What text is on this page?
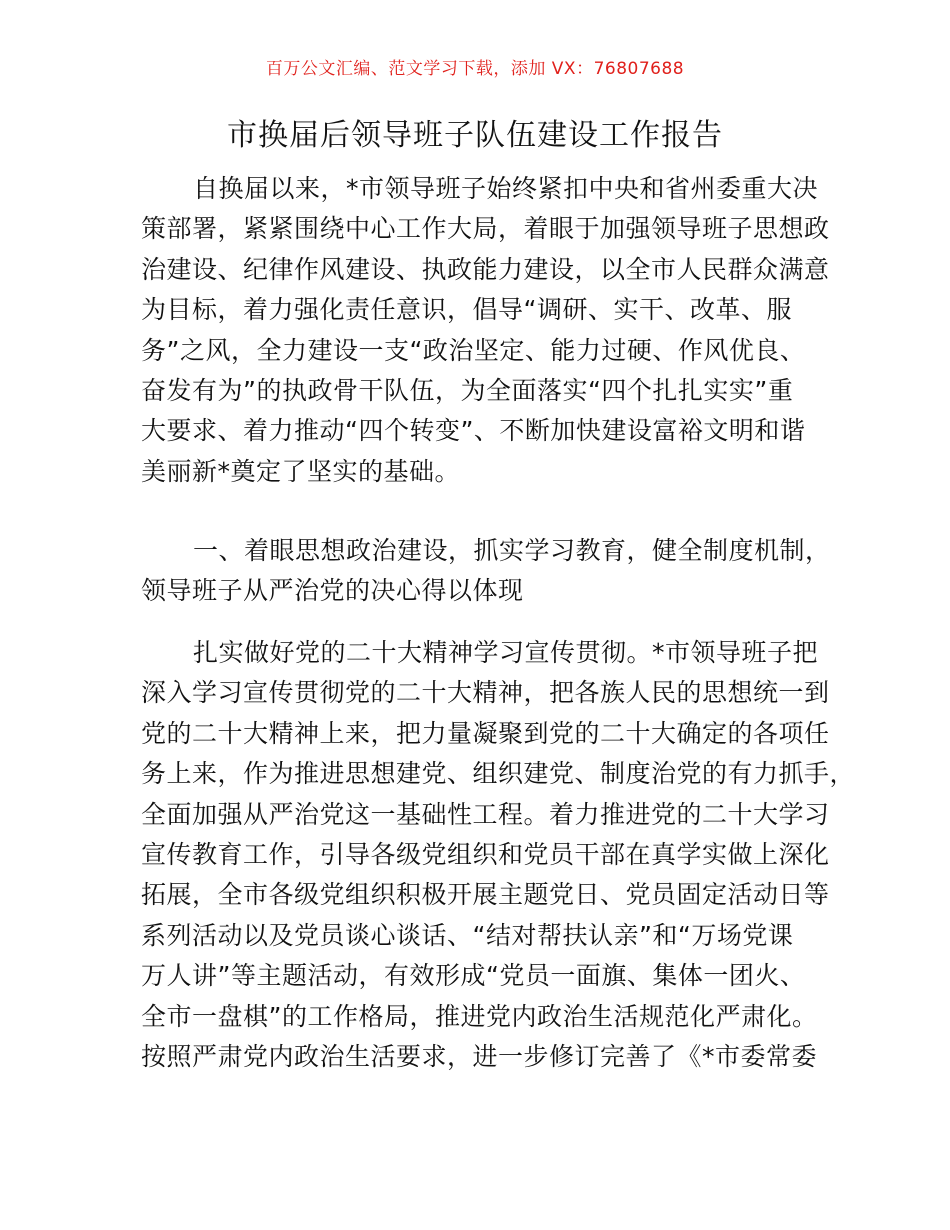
百万公文汇编、范文学习下载，添加 VX：76807688
市换届后领导班子队伍建设工作报告
自换届以来，*市领导班子始终紧扣中央和省州委重大决
策部署，紧紧围绕中心工作大局，着眼于加强领导班子思想政
治建设、纪律作风建设、执政能力建设，以全市人民群众满意
为目标，着力强化责任意识，倡导“调研、实干、改革、服
务”之风，全力建设一支“政治坚定、能力过硬、作风优良、
奋发有为”的执政骨干队伍，为全面落实“四个扎扎实实”重
大要求、着力推动“四个转变”、不断加快建设富裕文明和谐
美丽新*奠定了坚实的基础。
一、着眼思想政治建设，抓实学习教育，健全制度机制，
领导班子从严治党的决心得以体现
扎实做好党的二十大精神学习宣传贯彻。*市领导班子把
深入学习宣传贯彻党的二十大精神，把各族人民的思想统一到
党的二十大精神上来，把力量凝聚到党的二十大确定的各项任
务上来，作为推进思想建党、组织建党、制度治党的有力抓手，
全面加强从严治党这一基础性工程。着力推进党的二十大学习
宣传教育工作，引导各级党组织和党员干部在真学实做上深化
拓展，全市各级党组织积极开展主题党日、党员固定活动日等
系列活动以及党员谈心谈话、“结对帮扶认亲”和“万场党课
万人讲”等主题活动，有效形成“党员一面旗、集体一团火、
全市一盘棋”的工作格局，推进党内政治生活规范化严肃化。
按照严肃党内政治生活要求，进一步修订完善了《*市委常委
